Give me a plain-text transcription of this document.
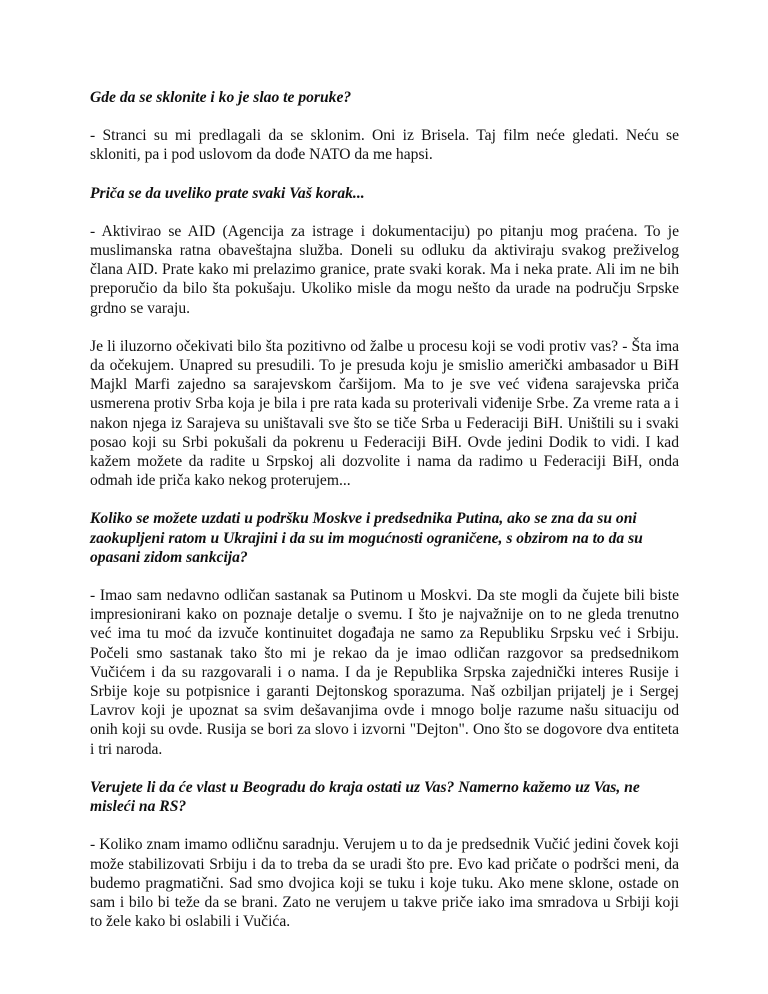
Gde da se sklonite i ko je slao te poruke?

- Stranci su mi predlagali da se sklonim. Oni iz Brisela. Taj film neće gledati. Neću se skloniti, pa i pod uslovom da dođe NATO da me hapsi.

Priča se da uveliko prate svaki Vaš korak...

- Aktivirao se AID (Agencija za istrage i dokumentaciju) po pitanju mog praćena. To je muslimanska ratna obaveštajna služba. Doneli su odluku da aktiviraju svakog preživelog člana AID. Prate kako mi prelazimo granice, prate svaki korak. Ma i neka prate. Ali im ne bih preporučio da bilo šta pokušaju. Ukoliko misle da mogu nešto da urade na području Srpske grdno se varaju.

Je li iluzorno očekivati bilo šta pozitivno od žalbe u procesu koji se vodi protiv vas? - Šta ima da očekujem. Unapred su presudili. To je presuda koju je smislio američki ambasador u BiH Majkl Marfi zajedno sa sarajevskom čaršijom. Ma to je sve već viđena sarajevska priča usmerena protiv Srba koja je bila i pre rata kada su proterivali viđenije Srbe. Za vreme rata a i nakon njega iz Sarajeva su uništavali sve što se tiče Srba u Federaciji BiH. Uništili su i svaki posao koji su Srbi pokušali da pokrenu u Federaciji BiH. Ovde jedini Dodik to vidi. I kad kažem možete da radite u Srpskoj ali dozvolite i nama da radimo u Federaciji BiH, onda odmah ide priča kako nekog proterujem...

Koliko se možete uzdati u podršku Moskve i predsednika Putina, ako se zna da su oni zaokupljeni ratom u Ukrajini i da su im mogućnosti ograničene, s obzirom na to da su opasani zidom sankcija?

- Imao sam nedavno odličan sastanak sa Putinom u Moskvi. Da ste mogli da čujete bili biste impresionirani kako on poznaje detalje o svemu. I što je najvažnije on to ne gleda trenutno već ima tu moć da izvuče kontinuitet događaja ne samo za Republiku Srpsku već i Srbiju. Počeli smo sastanak tako što mi je rekao da je imao odličan razgovor sa predsednikom Vučićem i da su razgovarali i o nama. I da je Republika Srpska zajednički interes Rusije i Srbije koje su potpisnice i garanti Dejtonskog sporazuma. Naš ozbiljan prijatelj je i Sergej Lavrov koji je upoznat sa svim dešavanjima ovde i mnogo bolje razume našu situaciju od onih koji su ovde. Rusija se bori za slovo i izvorni "Dejton". Ono što se dogovore dva entiteta i tri naroda.

Verujete li da će vlast u Beogradu do kraja ostati uz Vas? Namerno kažemo uz Vas, ne misleći na RS?

- Koliko znam imamo odličnu saradnju. Verujem u to da je predsednik Vučić jedini čovek koji može stabilizovati Srbiju i da to treba da se uradi što pre. Evo kad pričate o podršci meni, da budemo pragmatični. Sad smo dvojica koji se tuku i koje tuku. Ako mene sklone, ostade on sam i bilo bi teže da se brani. Zato ne verujem u takve priče iako ima smradova u Srbiji koji to žele kako bi oslabili i Vučića.
